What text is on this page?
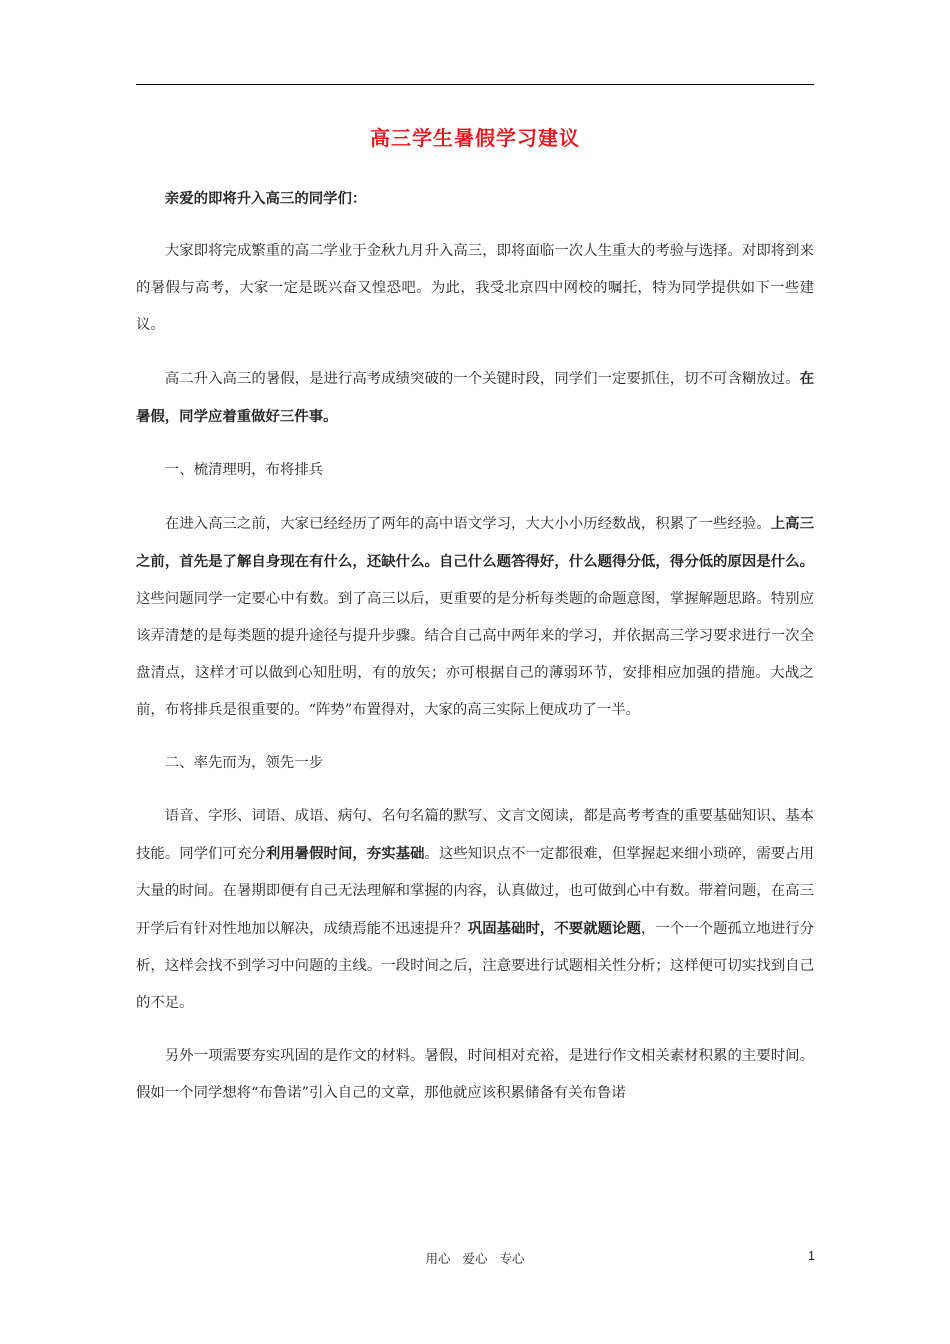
高三学生暑假学习建议

亲爱的即将升入高三的同学们：

大家即将完成繁重的高二学业于金秋九月升入高三，即将面临一次人生重大的考验与选择。对即将到来的暑假与高考，大家一定是既兴奋又惶恐吧。为此，我受北京四中网校的嘱托，特为同学提供如下一些建议。

高二升入高三的暑假，是进行高考成绩突破的一个关键时段，同学们一定要抓住，切不可含糊放过。在暑假，同学应着重做好三件事。

一、梳清理明，布将排兵

在进入高三之前，大家已经经历了两年的高中语文学习，大大小小历经数战，积累了一些经验。上高三之前，首先是了解自身现在有什么，还缺什么。自己什么题答得好，什么题得分低，得分低的原因是什么。这些问题同学一定要心中有数。到了高三以后，更重要的是分析每类题的命题意图，掌握解题思路。特别应该弄清楚的是每类题的提升途径与提升步骤。结合自己高中两年来的学习，并依据高三学习要求进行一次全盘清点，这样才可以做到心知肚明，有的放矢；亦可根据自己的薄弱环节，安排相应加强的措施。大战之前，布将排兵是很重要的。“阵势”布置得对，大家的高三实际上便成功了一半。

二、率先而为，领先一步

语音、字形、词语、成语、病句、名句名篇的默写、文言文阅读，都是高考考查的重要基础知识、基本技能。同学们可充分利用暑假时间，夯实基础。这些知识点不一定都很难，但掌握起来细小琐碎，需要占用大量的时间。在暑期即便有自己无法理解和掌握的内容，认真做过，也可做到心中有数。带着问题，在高三开学后有针对性地加以解决，成绩焉能不迅速提升？巩固基础时，不要就题论题，一个一个题孤立地进行分析，这样会找不到学习中问题的主线。一段时间之后，注意要进行试题相关性分析；这样便可切实找到自己的不足。

另外一项需要夯实巩固的是作文的材料。暑假，时间相对充裕，是进行作文相关素材积累的主要时间。假如一个同学想将“布鲁诺”引入自己的文章，那他就应该积累储备有关布鲁诺

用心 爱心 专心	1
